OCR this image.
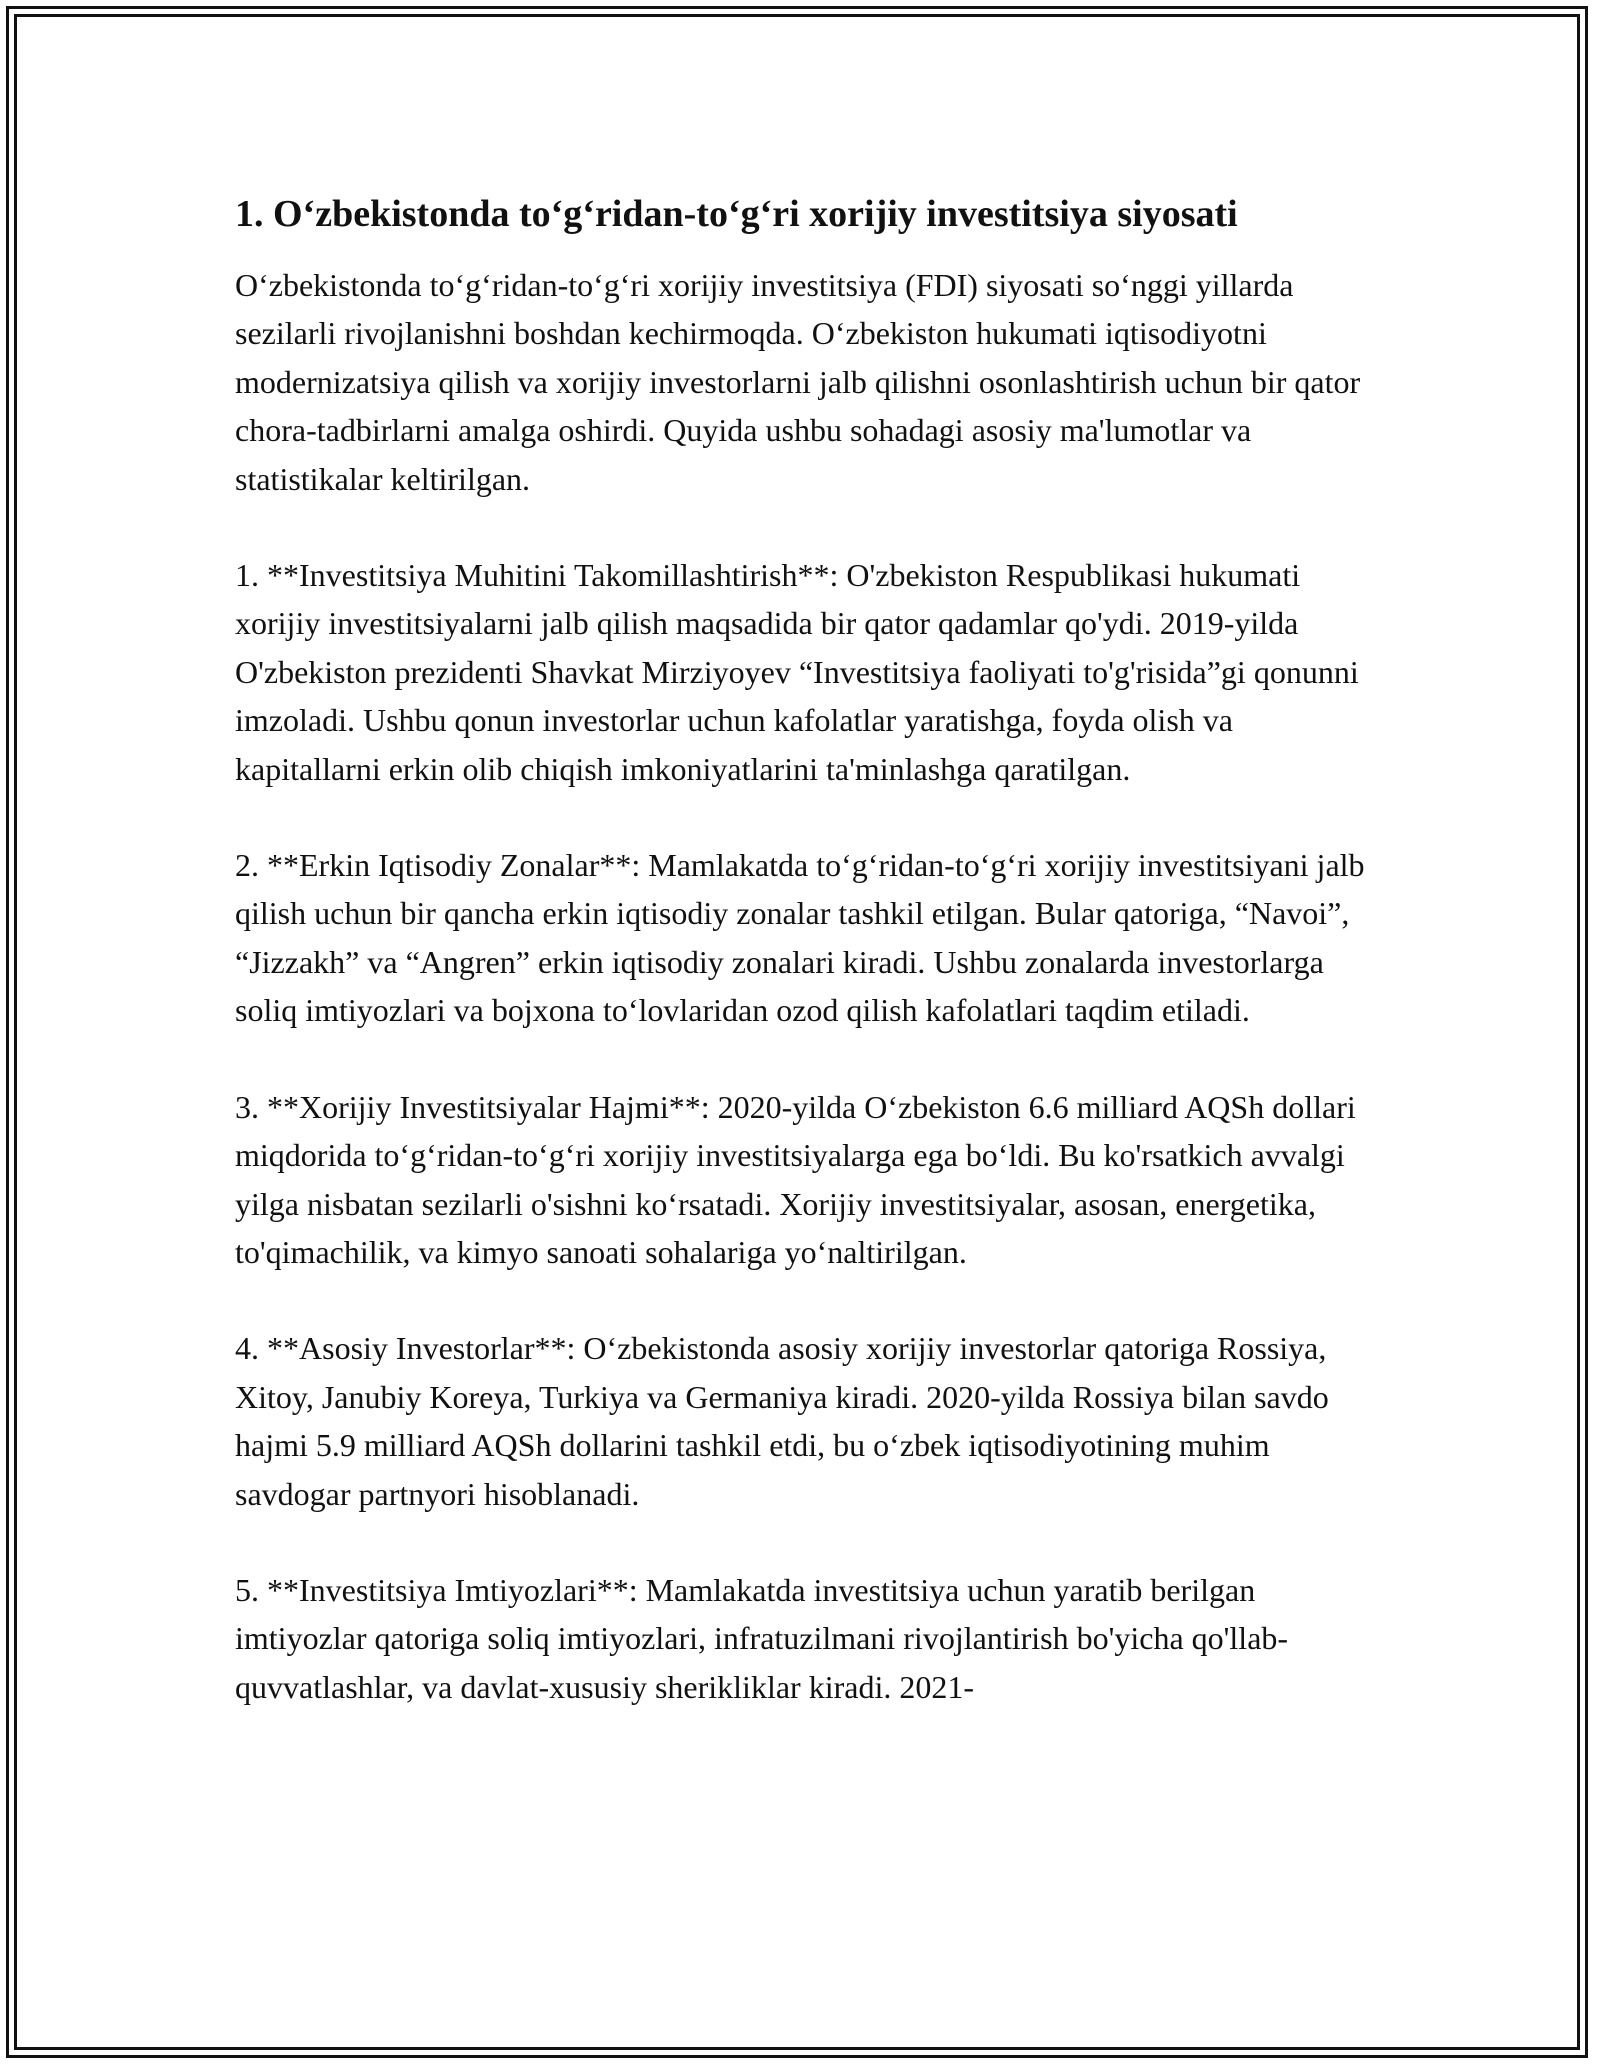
1. O‘zbekistonda to‘g‘ridan-to‘g‘ri xorijiy investitsiya siyosati

O‘zbekistonda to‘g‘ridan-to‘g‘ri xorijiy investitsiya (FDI) siyosati so‘nggi yillarda sezilarli rivojlanishni boshdan kechirmoqda. O‘zbekiston hukumati iqtisodiyotni modernizatsiya qilish va xorijiy investorlarni jalb qilishni osonlashtirish uchun bir qator chora-tadbirlarni amalga oshirdi. Quyida ushbu sohadagi asosiy ma'lumotlar va statistikalar keltirilgan.

1. **Investitsiya Muhitini Takomillashtirish**: O'zbekiston Respublikasi hukumati xorijiy investitsiyalarni jalb qilish maqsadida bir qator qadamlar qo'ydi. 2019-yilda O'zbekiston prezidenti Shavkat Mirziyoyev “Investitsiya faoliyati to'g'risida”gi qonunni imzoladi. Ushbu qonun investorlar uchun kafolatlar yaratishga, foyda olish va kapitallarni erkin olib chiqish imkoniyatlarini ta'minlashga qaratilgan.

2. **Erkin Iqtisodiy Zonalar**: Mamlakatda to‘g‘ridan-to‘g‘ri xorijiy investitsiyani jalb qilish uchun bir qancha erkin iqtisodiy zonalar tashkil etilgan. Bular qatoriga, “Navoi”, “Jizzakh” va “Angren” erkin iqtisodiy zonalari kiradi. Ushbu zonalarda investorlarga soliq imtiyozlari va bojxona to‘lovlaridan ozod qilish kafolatlari taqdim etiladi.

3. **Xorijiy Investitsiyalar Hajmi**: 2020-yilda O‘zbekiston 6.6 milliard AQSh dollari miqdorida to‘g‘ridan-to‘g‘ri xorijiy investitsiyalarga ega bo‘ldi. Bu ko'rsatkich avvalgi yilga nisbatan sezilarli o'sishni ko‘rsatadi. Xorijiy investitsiyalar, asosan, energetika, to'qimachilik, va kimyo sanoati sohalariga yo‘naltirilgan.

4. **Asosiy Investorlar**: O‘zbekistonda asosiy xorijiy investorlar qatoriga Rossiya, Xitoy, Janubiy Koreya, Turkiya va Germaniya kiradi. 2020-yilda Rossiya bilan savdo hajmi 5.9 milliard AQSh dollarini tashkil etdi, bu o‘zbek iqtisodiyotining muhim savdogar partnyori hisoblanadi.

5. **Investitsiya Imtiyozlari**: Mamlakatda investitsiya uchun yaratib berilgan imtiyozlar qatoriga soliq imtiyozlari, infratuzilmani rivojlantirish bo'yicha qo'llab-quvvatlashlar, va davlat-xususiy sherikliklar kiradi. 2021-
